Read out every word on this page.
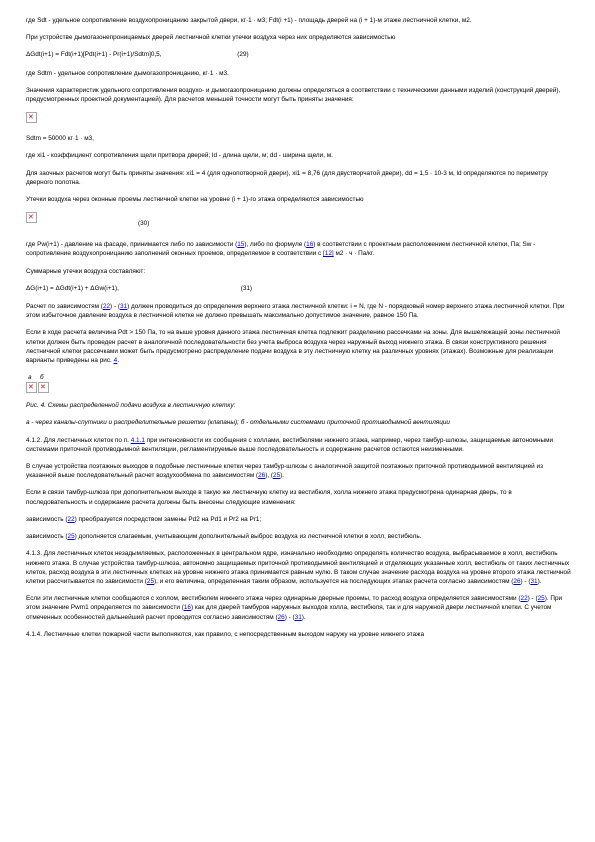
где Sdt - удельное сопротивление воздухопроницанию закрытой двери, кг·1 · м3; Fdt(i +1) - площадь дверей на (i + 1)-м этаже лестничной клетки, м2.

При устройстве дымогазонепроницаемых дверей лестничной клетки утечки воздуха через них определяются зависимостью

ΔGdt(i+1) = Fdt(i+1)[Pdt(i+1) - Pr(i+1)/Sdtm]0,5,	(29)

где Sdtm - удельное сопротивление дымогазопроницанию, кг·1 · м3.

Значения характеристик удельного сопротивления воздухо- и дымогазопроницанию должны определяться в соответствии с техническими данными изделий (конструкций дверей), предусмотренных проектной документацией). Для расчетов меньшей точности могут быть приняты значения:

✕

Sdtm = 50000 кг·1 · м3,

где xi1 - коэффициент сопротивления щели притвора дверей; ld - длина щели, м; dd - ширина щели, м.

Для заочных расчетов могут быть приняты значения: xi1 = 4 (для однопотворной двери), xi1 = 8,76 (для двустворчатой двери), dd = 1,5 · 10-3 м, ld определяются по периметру дверного полотна.

Утечки воздуха через оконные проемы лестничной клетки на уровне (i + 1)-го этажа определяются зависимостью

✕
(30)

где Pw(i+1) - давление на фасаде, принимается либо по зависимости (15), либо по формуле (16) в соответствии с проектным расположением лестничной клетки, Па; Sw - сопротивление воздухопроницанию заполнений оконных проемов, определяемое в соответствии с [12] м2 · ч · Па/кг.

Суммарные утечки воздуха составляют:

ΔG(i+1) = ΔGdt(i+1) + ΔGw(i+1),	(31)

Расчет по зависимостям (22) - (31) должен проводиться до определения верхнего этажа лестничной клетки: i = N, где N - порядковый номер верхнего этажа лестничной клетки. При этом избыточное давление воздуха в лестничной клетке не должно превышать максимально допустимое значение, равное 150 Па.

Если в ходе расчета величина Pdt > 150 Па, то на выше уровня данного этажа лестничная клетка подлежит разделению рассечками на зоны. Для вышележащей зоны лестничной клетки должен быть проведен расчет в аналогичной последовательности без учета выброса воздуха через наружный выход нижнего этажа. В связи конструктивного решения лестничной клетки рассечками может быть предусмотрено распределение подачи воздуха в эту лестничную клетку на различных уровнях (этажах). Возможные для реализации варианты приведены на рис. 4.

а б
✕
✕

Рис. 4. Схемы распределенной подачи воздуха в лестничную клетку:

а - через каналы-спутники и распределительные решетки (клапаны); б - отдельными системами приточной противодымной вентиляции

4.1.2. Для лестничных клеток по п. 4.1.1 при интенсивности их сообщения с холлами, вестибюлями нижнего этажа, например, через тамбур-шлюзы, защищаемые автономными системами приточной противодымной вентиляции, регламентируемые выше последовательность и содержание расчетов остаются неизменными.

В случае устройства поэтажных выходов в подобные лестничные клетки через тамбур-шлюзы с аналогичной защитой поэтажных приточной противодымной вентиляцией из указанной выше последовательный расчет воздухообмена по зависимостям (26), (25).

Если в связи тамбур-шлюза при дополнительном выходе в такую же лестничную клетку из вестибюля, холла нижнего этажа предусмотрена одинарная дверь, то в последовательность и содержание расчета должны быть внесены следующие изменения:

зависимость (22) преобразуется посредством замены Pd2 на Pd1 и Pr2 на Pr1;

зависимость (25) дополняется слагаемым, учитывающим дополнительный выброс воздуха из лестничной клетки в холл, вестибюль.

4.1.3. Для лестничных клеток незадымляемых, расположенных в центральном ядре, изначально необходимо определять количество воздуха, выбрасываемое в холл, вестибюль нижнего этажа. В случае устройства тамбур-шлюза, автономно защищаемых приточной противодымной вентиляцией и отделяющих указанные холл, вестибюль от таких лестничных клеток, расход воздуха в эти лестничных клетках на уровне нижнего этажа принимается равным нулю. В таком случае значение расхода воздуха на уровне второго этажа лестничной клетки рассчитывается по зависимости (25), и его величина, определенная таким образом, используется на последующих этапах расчета согласно зависимостям (26) - (31).

Если эти лестничные клетки сообщаются с холлом, вестибюлем нижнего этажа через одинарные дверные проемы, то расход воздуха определяется зависимостями (22) - (25). При этом значение Pwm1 определяется по зависимости (16) как для дверей тамбуров наружных выходов холла, вестибюля, так и для наружной двери лестничной клетки. С учетом отмеченных особенностей дальнейший расчет проводится согласно зависимостям (26) - (31).

4.1.4. Лестничные клетки пожарной части выполняются, как правило, с непосредственным выходом наружу на уровне нижнего этажа
